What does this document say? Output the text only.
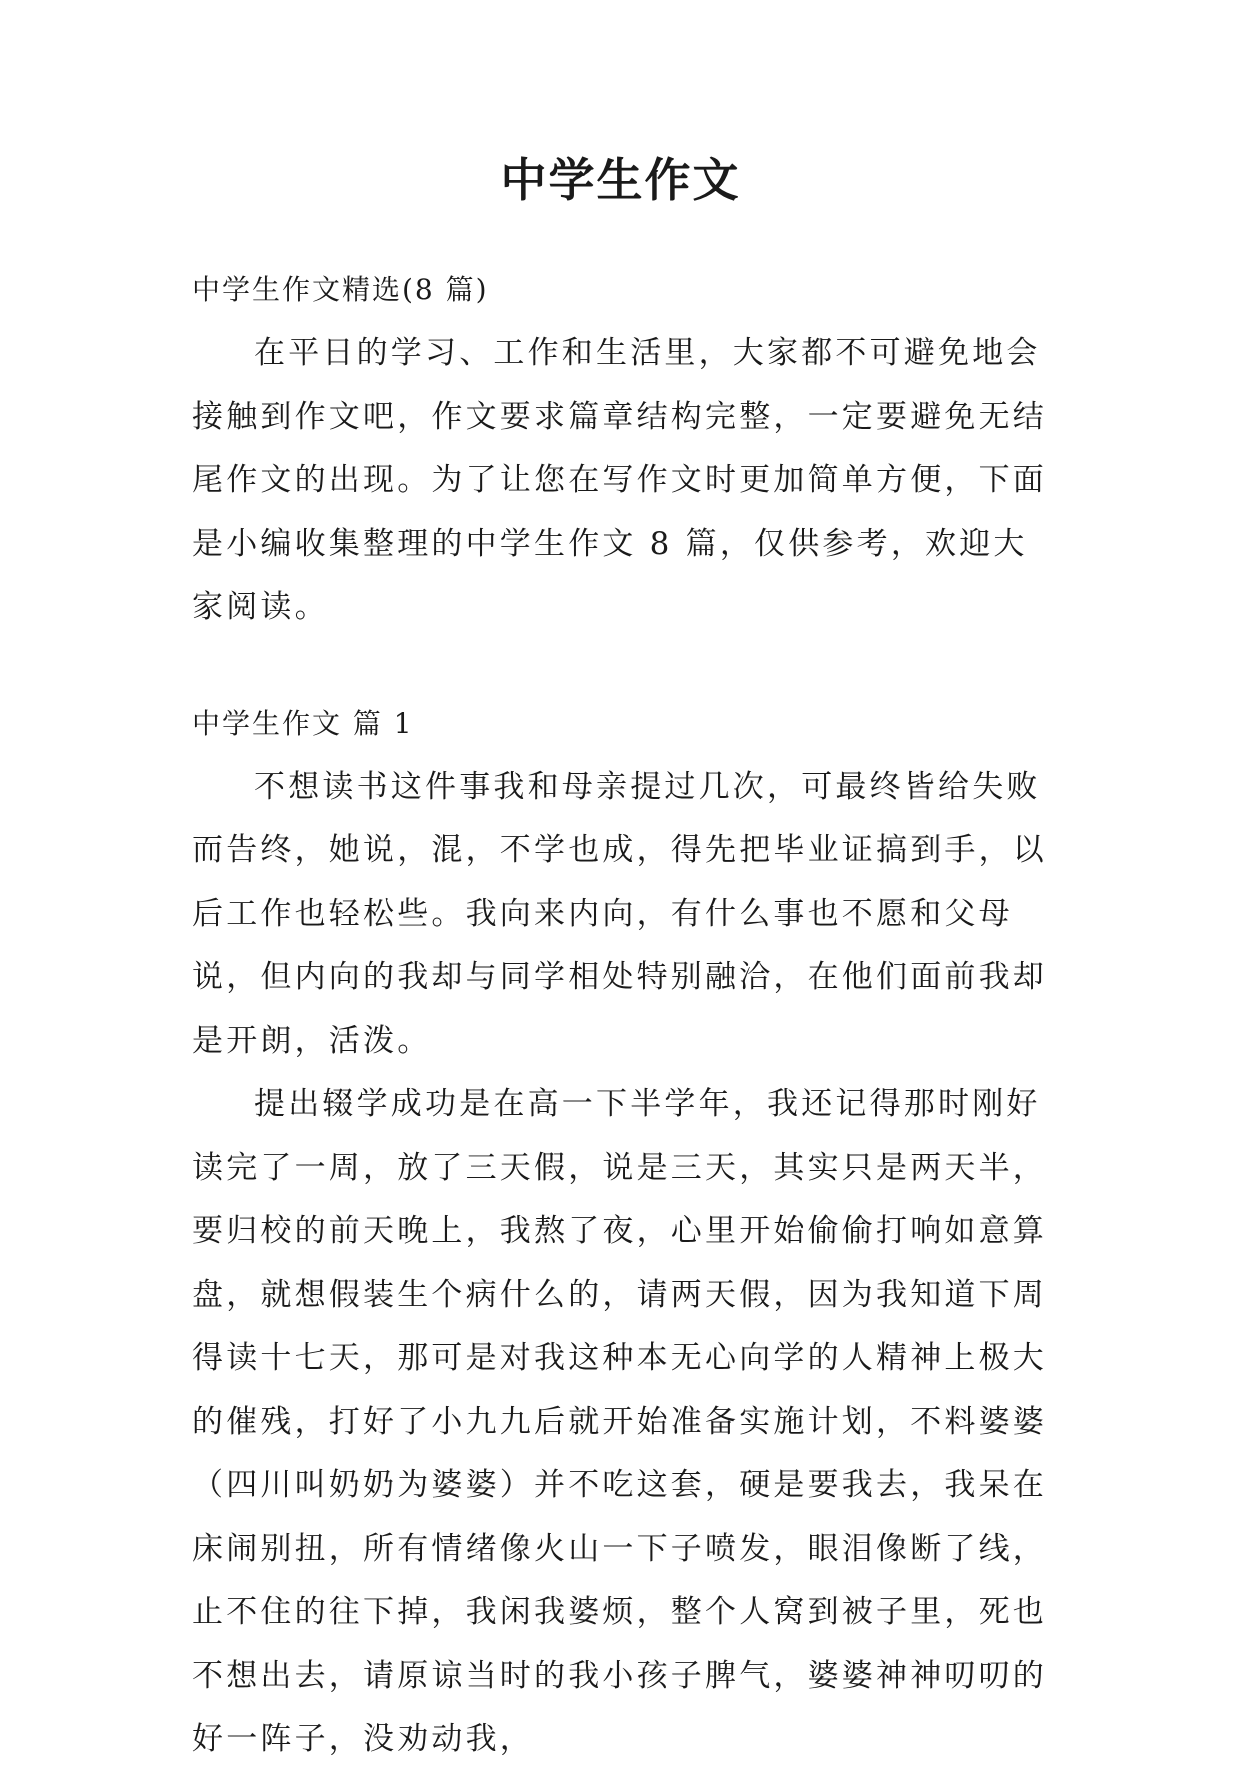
中学生作文

中学生作文精选(8 篇)

在平日的学习、工作和生活里，大家都不可避免地会接触到作文吧，作文要求篇章结构完整，一定要避免无结尾作文的出现。为了让您在写作文时更加简单方便，下面是小编收集整理的中学生作文 8 篇，仅供参考，欢迎大家阅读。

中学生作文 篇 1

不想读书这件事我和母亲提过几次，可最终皆给失败而告终，她说，混，不学也成，得先把毕业证搞到手，以后工作也轻松些。我向来内向，有什么事也不愿和父母说，但内向的我却与同学相处特别融洽，在他们面前我却是开朗，活泼。

提出辍学成功是在高一下半学年，我还记得那时刚好读完了一周，放了三天假，说是三天，其实只是两天半，要归校的前天晚上，我熬了夜，心里开始偷偷打响如意算盘，就想假装生个病什么的，请两天假，因为我知道下周得读十七天，那可是对我这种本无心向学的人精神上极大的催残，打好了小九九后就开始准备实施计划，不料婆婆（四川叫奶奶为婆婆）并不吃这套，硬是要我去，我呆在床闹别扭，所有情绪像火山一下子喷发，眼泪像断了线，止不住的往下掉，我闲我婆烦，整个人窝到被子里，死也不想出去，请原谅当时的我小孩子脾气，婆婆神神叨叨的好一阵子，没劝动我，
